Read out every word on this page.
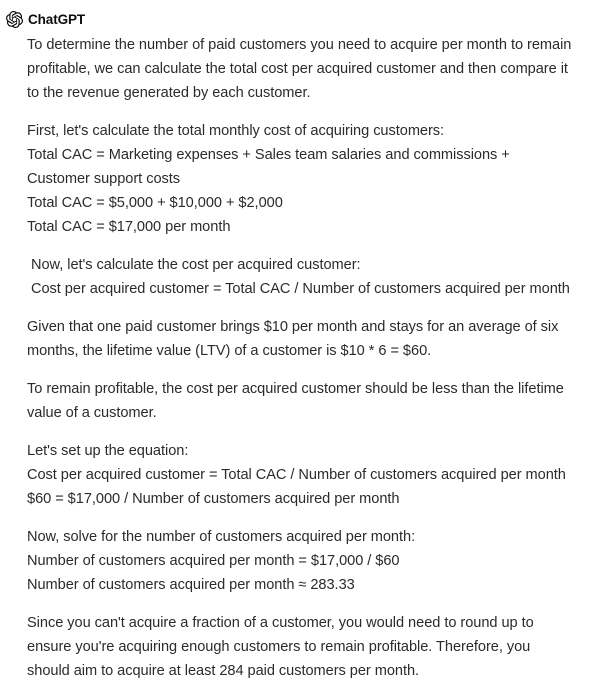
ChatGPT

To determine the number of paid customers you need to acquire per month to remain profitable, we can calculate the total cost per acquired customer and then compare it to the revenue generated by each customer.

First, let's calculate the total monthly cost of acquiring customers:
Total CAC = Marketing expenses + Sales team salaries and commissions + Customer support costs
Total CAC = $5,000 + $10,000 + $2,000
Total CAC = $17,000 per month

Now, let's calculate the cost per acquired customer:
Cost per acquired customer = Total CAC / Number of customers acquired per month

Given that one paid customer brings $10 per month and stays for an average of six months, the lifetime value (LTV) of a customer is $10 * 6 = $60.

To remain profitable, the cost per acquired customer should be less than the lifetime value of a customer.

Let's set up the equation:
Cost per acquired customer = Total CAC / Number of customers acquired per month
$60 = $17,000 / Number of customers acquired per month

Now, solve for the number of customers acquired per month:
Number of customers acquired per month = $17,000 / $60
Number of customers acquired per month ≈ 283.33

Since you can't acquire a fraction of a customer, you would need to round up to ensure you're acquiring enough customers to remain profitable. Therefore, you should aim to acquire at least 284 paid customers per month.
